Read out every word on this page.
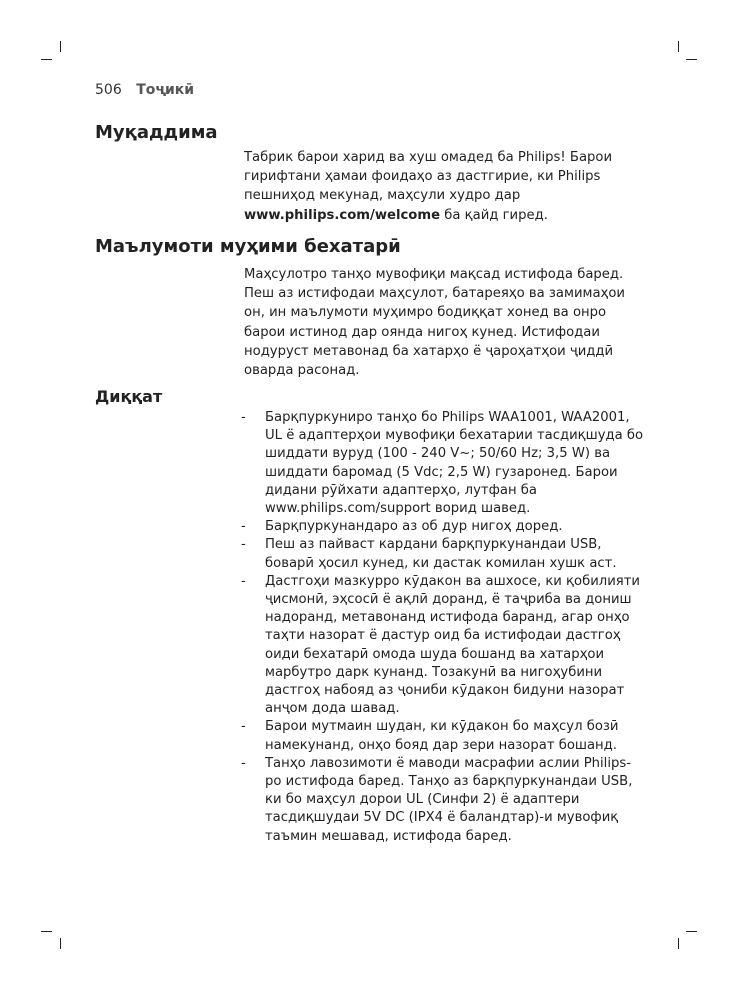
506 Тоҷикӣ
Муқаддима

Табрик барои харид ва хуш омадед ба Philips! Барои гирифтани ҳамаи фоидаҳо аз дастгирие, ки Philips пешниҳод мекунад, маҳсули худро дар www.philips.com/welcome ба қайд гиред.

Маълумоти муҳими бехатарӣ

Маҳсулотро танҳо мувофиқи мақсад истифода баред. Пеш аз истифодаи маҳсулот, батареяҳо ва замимаҳои он, ин маълумоти муҳимро бодиққат хонед ва онро барои истинод дар оянда нигоҳ кунед. Истифодаи нодуруст метавонад ба хатарҳо ё ҷароҳатҳои ҷиддӣ оварда расонад.

Диққат
- Барқпуркуниро танҳо бо Philips WAA1001, WAA2001, UL ё адаптерҳои мувофиқи бехатарии тасдиқшуда бо шиддати вуруд (100 - 240 V~; 50/60 Hz; 3,5 W) ва шиддати баромад (5 Vdc; 2,5 W) гузаронед. Барои дидани рӯйхати адаптерҳо, лутфан ба www.philips.com/support ворид шавед.
- Барқпуркунандаро аз об дур нигоҳ доред.
- Пеш аз пайваст кардани барқпуркунандаи USB, боварӣ ҳосил кунед, ки дастак комилан хушк аст.
- Дастгоҳи мазкурро кӯдакон ва ашхосе, ки қобилияти ҷисмонӣ, эҳсосӣ ё ақлӣ доранд, ё таҷриба ва дониш надоранд, метавонанд истифода баранд, агар онҳо таҳти назорат ё дастур оид ба истифодаи дастгоҳ оиди бехатарӣ омода шуда бошанд ва хатарҳои марбутро дарк кунанд. Тозакунӣ ва нигоҳубини дастгоҳ набояд аз ҷониби кӯдакон бидуни назорат анҷом дода шавад.
- Барои мутмаин шудан, ки кӯдакон бо маҳсул бозӣ намекунанд, онҳо бояд дар зери назорат бошанд.
- Танҳо лавозимоти ё маводи масрафии аслии Philips-ро истифода баред. Танҳо аз барқпуркунандаи USB, ки бо маҳсул дорои UL (Синфи 2) ё адаптери тасдиқшудаи 5V DC (IPX4 ё баландтар)-и мувофиқ таъмин мешавад, истифода баред.
